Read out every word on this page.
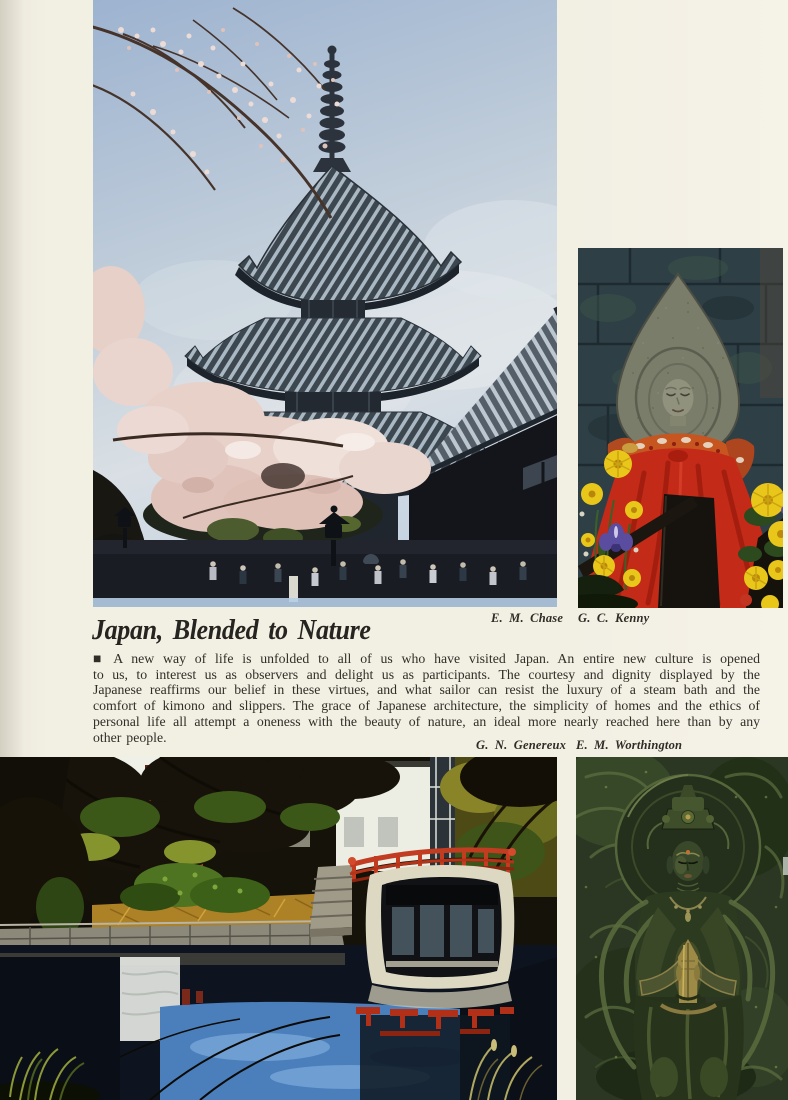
E. M. Chase G. C. Kenny
Japan, Blended to Nature
■ A new way of life is unfolded to all of us who have visited Japan. An entire new culture is opened
to us, to interest us as observers and delight us as participants. The courtesy and dignity displayed by the
Japanese reaffirms our belief in these virtues, and what sailor can resist the luxury of a steam bath and the
comfort of kimono and slippers. The grace of Japanese architecture, the simplicity of homes and the ethics of
personal life all attempt a oneness with the beauty of nature, an ideal more nearly reached here than by any
other people.
G. N. Genereux E. M. Worthington
